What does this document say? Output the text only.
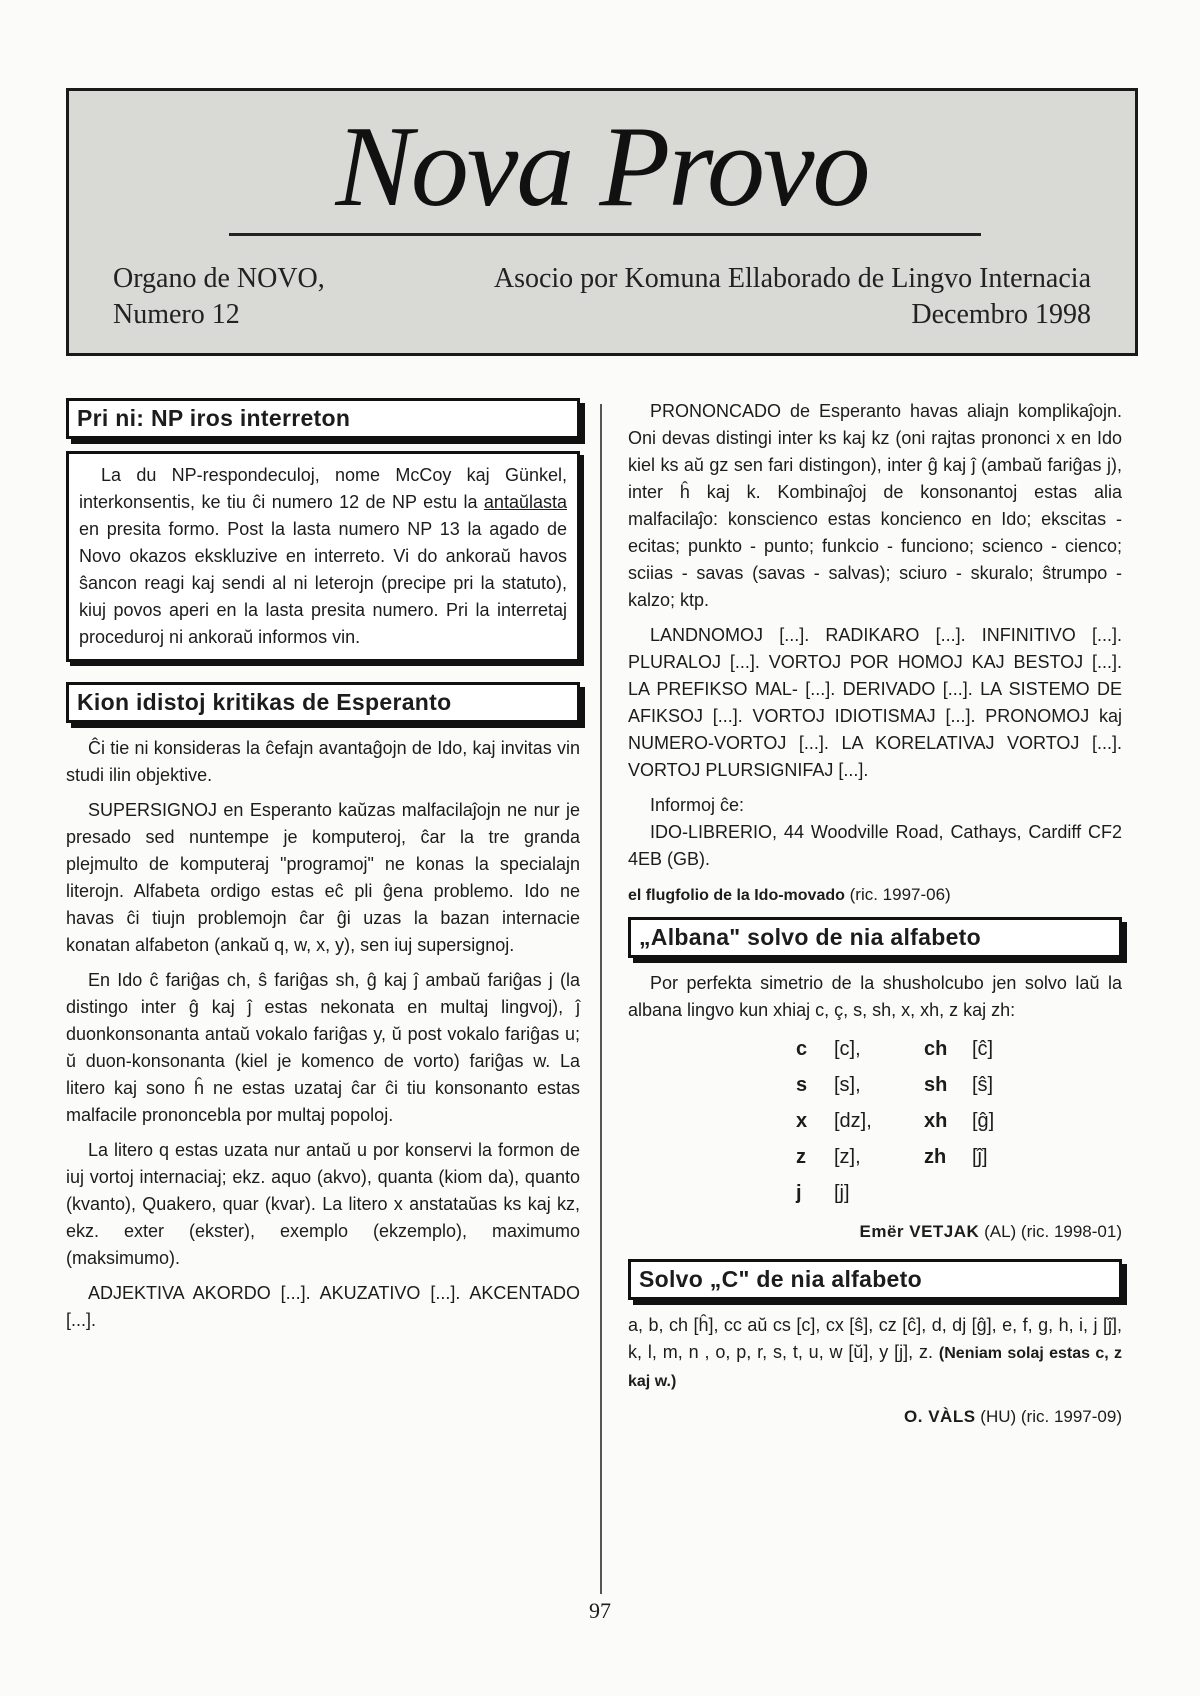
Nova Provo
Organo de NOVO,	Asocio por Komuna Ellaborado de Lingvo Internacia
Numero 12	Decembro 1998
Pri ni: NP iros interreton

La du NP-respondeculoj, nome McCoy kaj Günkel, interkonsentis, ke tiu ĉi numero 12 de NP estu la antaŭlasta en presita formo. Post la lasta numero NP 13 la agado de Novo okazos ekskluzive en interreto. Vi do ankoraŭ havos ŝancon reagi kaj sendi al ni leterojn (precipe pri la statuto), kiuj povos aperi en la lasta presita numero. Pri la interretaj proceduroj ni ankoraŭ informos vin.

Kion idistoj kritikas de Esperanto

Ĉi tie ni konsideras la ĉefajn avantaĝojn de Ido, kaj invitas vin studi ilin objektive.

SUPERSIGNOJ en Esperanto kaŭzas malfacilaĵojn ne nur je presado sed nuntempe je komputeroj, ĉar la tre granda plejmulto de komputeraj "programoj" ne konas la specialajn literojn. Alfabeta ordigo estas eĉ pli ĝena problemo. Ido ne havas ĉi tiujn problemojn ĉar ĝi uzas la bazan internacie konatan alfabeton (ankaŭ q, w, x, y), sen iuj supersignoj.

En Ido ĉ fariĝas ch, ŝ fariĝas sh, ĝ kaj ĵ ambaŭ fariĝas j (la distingo inter ĝ kaj ĵ estas nekonata en multaj lingvoj), ĵ duonkonsonanta antaŭ vokalo fariĝas y, ŭ post vokalo fariĝas u; ŭ duon-konsonanta (kiel je komenco de vorto) fariĝas w. La litero kaj sono ĥ ne estas uzataj ĉar ĉi tiu konsonanto estas malfacile prononcebla por multaj popoloj.

La litero q estas uzata nur antaŭ u por konservi la formon de iuj vortoj internaciaj; ekz. aquo (akvo), quanta (kiom da), quanto (kvanto), Quakero, quar (kvar). La litero x anstataŭas ks kaj kz, ekz. exter (ekster), exemplo (ekzemplo), maximumo (maksimumo).

ADJEKTIVA AKORDO [...]. AKUZATIVO [...]. AKCENTADO [...].

PRONONCADO de Esperanto havas aliajn komplikaĵojn. Oni devas distingi inter ks kaj kz (oni rajtas prononci x en Ido kiel ks aŭ gz sen fari distingon), inter ĝ kaj ĵ (ambaŭ fariĝas j), inter ĥ kaj k. Kombinaĵoj de konsonantoj estas alia malfacilaĵo: konscienco estas koncienco en Ido; ekscitas - ecitas; punkto - punto; funkcio - funciono; scienco - cienco; sciias - savas (savas - salvas); sciuro - skuralo; ŝtrumpo - kalzo; ktp.

LANDNOMOJ [...]. RADIKARO [...]. INFINITIVO [...]. PLURALOJ [...]. VORTOJ POR HOMOJ KAJ BESTOJ [...]. LA PREFIKSO MAL- [...]. DERIVADO [...]. LA SISTEMO DE AFIKSOJ [...]. VORTOJ IDIOTISMAJ [...]. PRONOMOJ kaj NUMERO-VORTOJ [...]. LA KORELATIVAJ VORTOJ [...]. VORTOJ PLURSIGNIFAJ [...].

Informoj ĉe:

IDO-LIBRERIO, 44 Woodville Road, Cathays, Cardiff CF2 4EB (GB).

el flugfolio de la Ido-movado (ric. 1997-06)

„Albana" solvo de nia alfabeto

Por perfekta simetrio de la shusholcubo jen solvo laŭ la albana lingvo kun xhiaj c, ç, s, sh, x, xh, z kaj zh:

c	[c],	ch	[ĉ]
s	[s],	sh	[ŝ]
x	[dz],	xh	[ĝ]
z	[z],	zh	[ĵ]
j	[j]		

Emër VETJAK (AL) (ric. 1998-01)

Solvo „C" de nia alfabeto

a, b, ch [ĥ], cc aŭ cs [c], cx [ŝ], cz [ĉ], d, dj [ĝ], e, f, g, h, i, j [ĵ], k, l, m, n , o, p, r, s, t, u, w [ŭ], y [j], z. (Neniam solaj estas c, z kaj w.)

O. VÀLS (HU) (ric. 1997-09)

97
